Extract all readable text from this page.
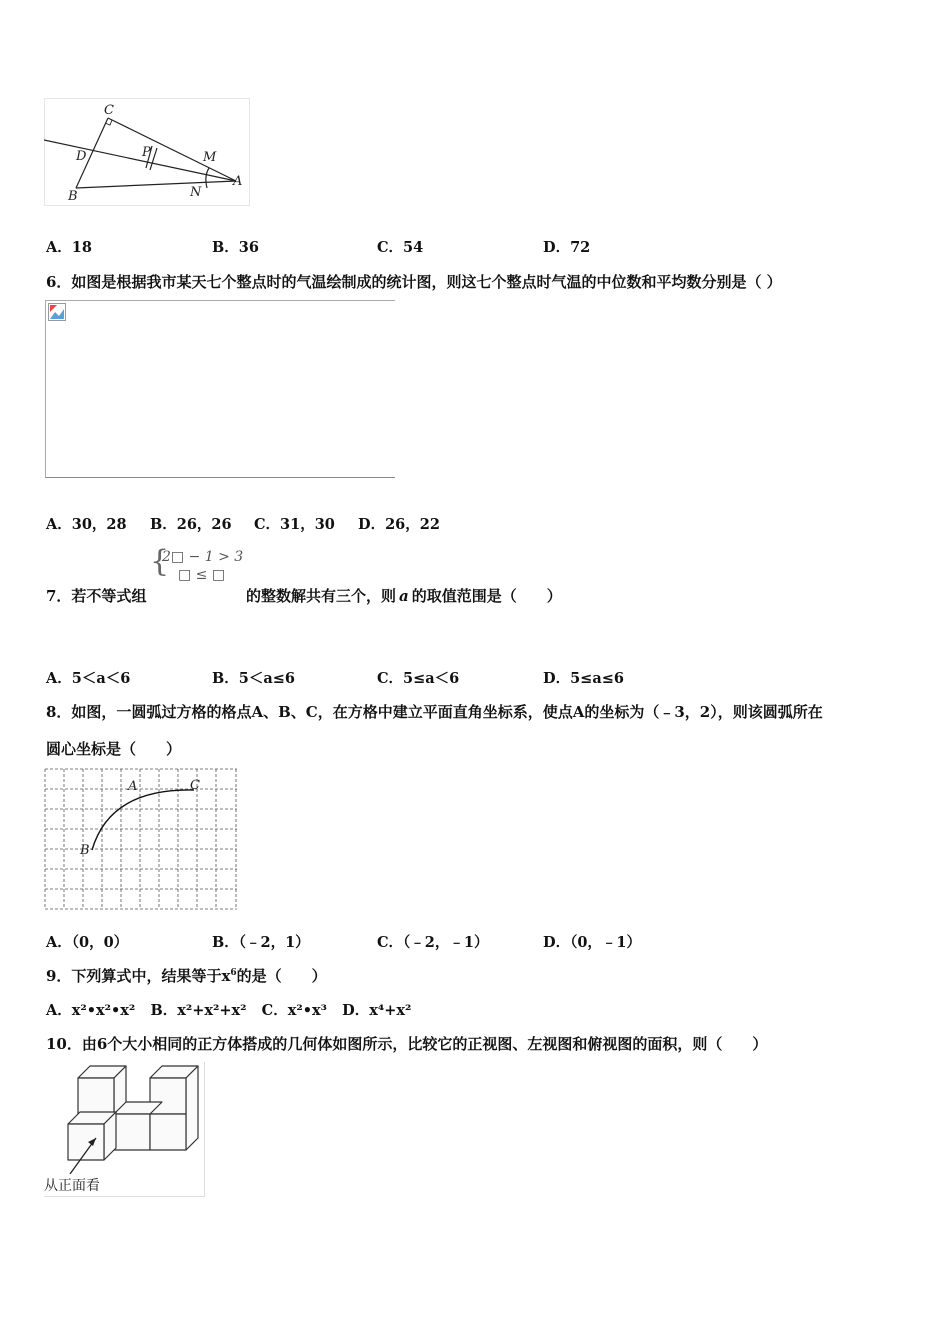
C
D	P	M
B	N
A
A．18	B．36	C．54	D．72
6．如图是根据我市某天七个整点时的气温绘制成的统计图，则这七个整点时气温的中位数和平均数分别是（ ）
A．30，28 B．26，26 C．31，30 D．26，22
{
2□ − 1 > 3
□ ≤ □
7．若不等式组	的整数解共有三个，则 a 的取值范围是（　　）
A．5＜a＜6	B．5＜a≤6	C．5≤a＜6	D．5≤a≤6
8．如图，一圆弧过方格的格点A、B、C，在方格中建立平面直角坐标系，使点A的坐标为（﹣3，2），则该圆弧所在
圆心坐标是（　　）
A	C
B
A．（0，0）	B．（﹣2，1）	C．（﹣2，﹣1）	D．（0，﹣1）
9．下列算式中，结果等于$x^6$的是（　　）
A．x²•x²•x² B．x²+x²+x² C．x²•x³ D．x⁴+x²
10．由6个大小相同的正方体搭成的几何体如图所示，比较它的正视图、左视图和俯视图的面积，则（　　）
从正面看
